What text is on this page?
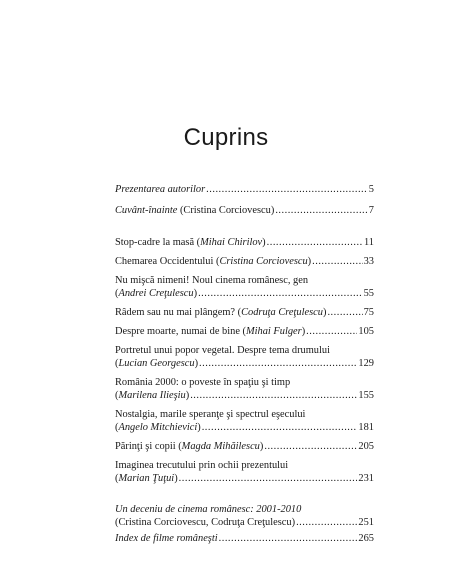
Cuprins
Prezentarea autorilor .....	5
Cuvânt-înainte (Cristina Corciovescu) .....	7
Stop-cadre la masă (Mihai Chirilov) .....	11
Chemarea Occidentului (Cristina Corciovescu) .....	33
Nu mişcă nimeni! Noul cinema românesc, gen
(Andrei Creţulescu) .....	55
Râdem sau nu mai plângem? (Codruţa Creţulescu) .....	75
Despre moarte, numai de bine (Mihai Fulger) .....	105
Portretul unui popor vegetal. Despre tema drumului
(Lucian Georgescu) .....	129
România 2000: o poveste în spaţiu şi timp
(Marilena Ilieşiu) .....	155
Nostalgia, marile speranţe şi spectrul eşecului
(Angelo Mitchievici) .....	181
Părinţi şi copii (Magda Mihăilescu) .....	205
Imaginea trecutului prin ochii prezentului
(Marian Ţuţui) .....	231
Un deceniu de cinema românesc: 2001-2010
(Cristina Corciovescu, Codruţa Creţulescu) .....	251
Index de filme româneşti .....	265
